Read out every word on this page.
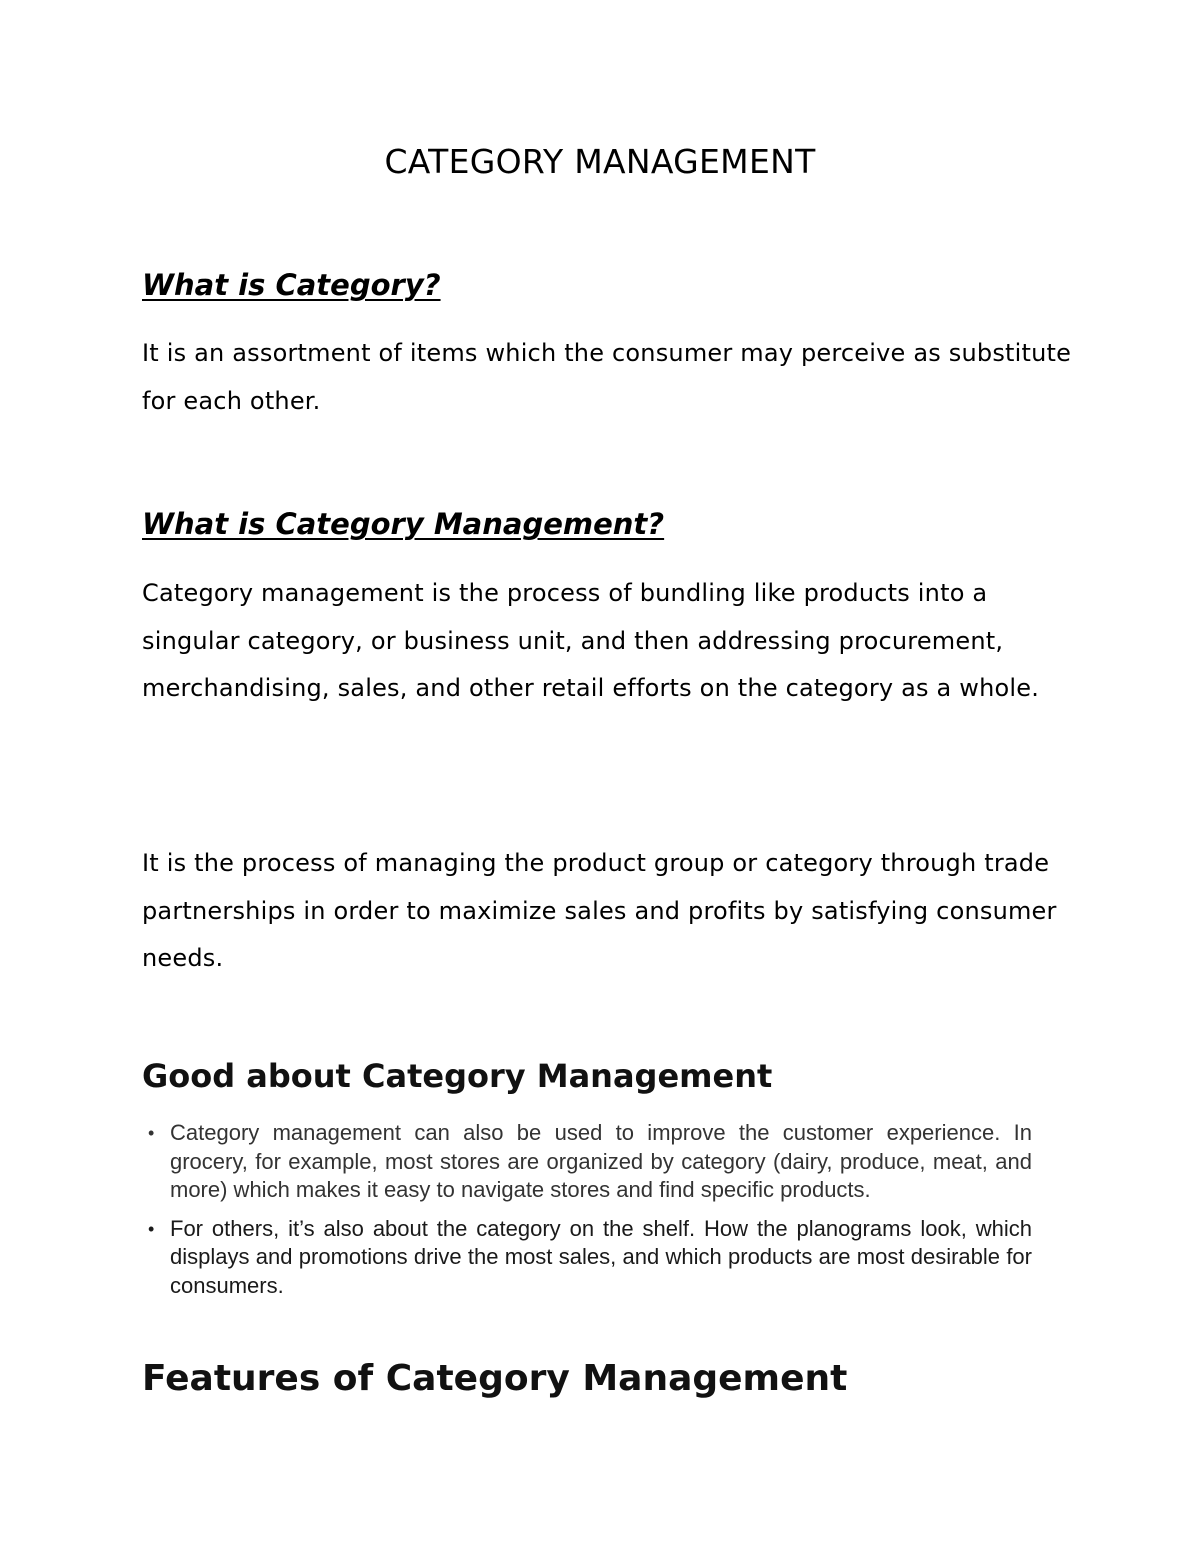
CATEGORY MANAGEMENT
What is Category?

It is an assortment of items which the consumer may perceive as substitute for each other.

What is Category Management?

Category management is the process of bundling like products into a singular category, or business unit, and then addressing procurement, merchandising, sales, and other retail efforts on the category as a whole.

It is the process of managing the product group or category through trade partnerships in order to maximize sales and profits by satisfying consumer needs.

Good about Category Management
• Category management can also be used to improve the customer experience. In grocery, for example, most stores are organized by category (dairy, produce, meat, and more) which makes it easy to navigate stores and find specific products.
• For others, it’s also about the category on the shelf. How the planograms look, which displays and promotions drive the most sales, and which products are most desirable for consumers.
Features of Category Management
